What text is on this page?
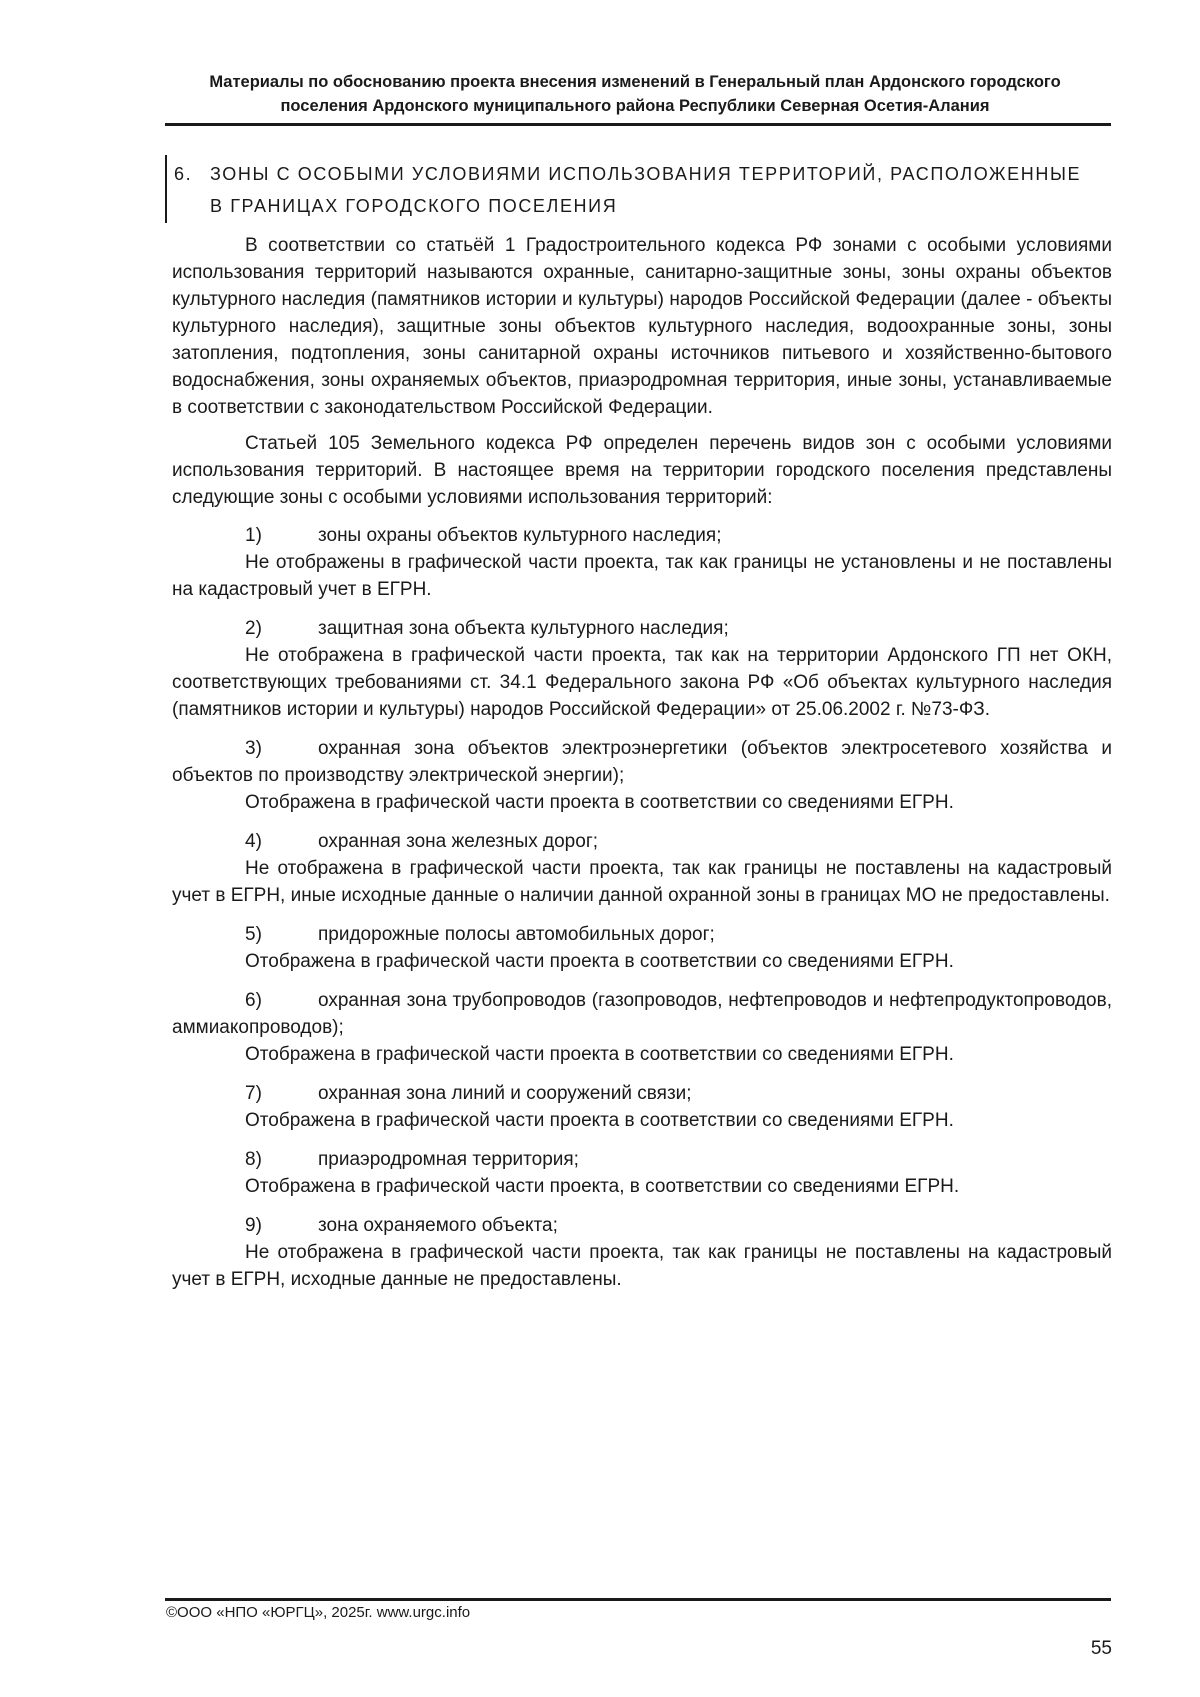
Материалы по обоснованию проекта внесения изменений в Генеральный план Ардонского городского
поселения Ардонского муниципального района Республики Северная Осетия-Алания
6. ЗОНЫ С ОСОБЫМИ УСЛОВИЯМИ ИСПОЛЬЗОВАНИЯ ТЕРРИТОРИЙ, РАСПОЛОЖЕННЫЕ
В ГРАНИЦАХ ГОРОДСКОГО ПОСЕЛЕНИЯ

В соответствии со статьёй 1 Градостроительного кодекса РФ зонами с особыми условиями использования территорий называются охранные, санитарно-защитные зоны, зоны охраны объектов культурного наследия (памятников истории и культуры) народов Российской Федерации (далее - объекты культурного наследия), защитные зоны объектов культурного наследия, водоохранные зоны, зоны затопления, подтопления, зоны санитарной охраны источников питьевого и хозяйственно-бытового водоснабжения, зоны охраняемых объектов, приаэродромная территория, иные зоны, устанавливаемые в соответствии с законодательством Российской Федерации.

Статьей 105 Земельного кодекса РФ определен перечень видов зон с особыми условиями использования территорий. В настоящее время на территории городского поселения представлены следующие зоны с особыми условиями использования территорий:

1)	зоны охраны объектов культурного наследия;

Не отображены в графической части проекта, так как границы не установлены и не поставлены на кадастровый учет в ЕГРН.

2)	защитная зона объекта культурного наследия;

Не отображена в графической части проекта, так как на территории Ардонского ГП нет ОКН, соответствующих требованиями ст. 34.1 Федерального закона РФ «Об объектах культурного наследия (памятников истории и культуры) народов Российской Федерации» от 25.06.2002 г. №73-ФЗ.

3)	охранная зона объектов электроэнергетики (объектов электросетевого хозяйства и объектов по производству электрической энергии);

Отображена в графической части проекта в соответствии со сведениями ЕГРН.

4)	охранная зона железных дорог;

Не отображена в графической части проекта, так как границы не поставлены на кадастровый учет в ЕГРН, иные исходные данные о наличии данной охранной зоны в границах МО не предоставлены.

5)	придорожные полосы автомобильных дорог;

Отображена в графической части проекта в соответствии со сведениями ЕГРН.

6)	охранная зона трубопроводов (газопроводов, нефтепроводов и нефтепродуктопроводов, аммиакопроводов);

Отображена в графической части проекта в соответствии со сведениями ЕГРН.

7)	охранная зона линий и сооружений связи;

Отображена в графической части проекта в соответствии со сведениями ЕГРН.

8)	приаэродромная территория;

Отображена в графической части проекта, в соответствии со сведениями ЕГРН.

9)	зона охраняемого объекта;

Не отображена в графической части проекта, так как границы не поставлены на кадастровый учет в ЕГРН, исходные данные не предоставлены.

©ООО «НПО «ЮРГЦ», 2025г. www.urgc.info
55
